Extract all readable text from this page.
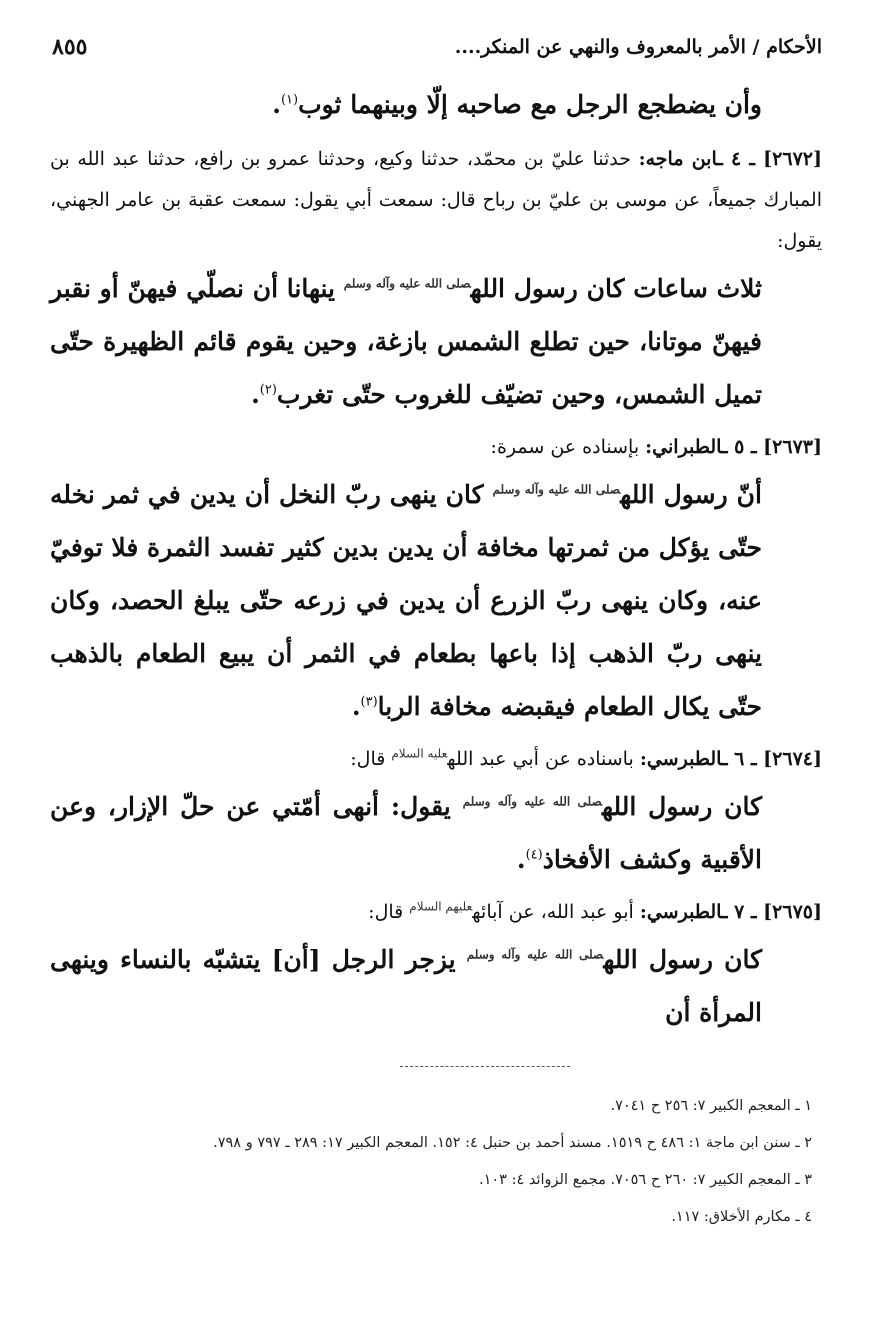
الأحكام / الأمر بالمعروف والنهي عن المنكر....
٨٥٥

وأن يضطجع الرجل مع صاحبه إلّا وبينهما ثوب$^{(١)}$.

[٢٦٧٢] ـ ٤ ـابن ماجه: حدثنا عليّ بن محمّد، حدثنا وكيع، وحدثنا عمرو بن رافع، حدثنا عبد الله بن المبارك جميعاً، عن موسى بن عليّ بن رباح قال: سمعت أبي يقول: سمعت عقبة بن عامر الجهني، يقول:

ثلاث ساعات كان رسول الله$^{صلى الله عليه وآله وسلم}$ ينهانا أن نصلّي فيهنّ أو نقبر فيهنّ موتانا، حين تطلع الشمس بازغة، وحين يقوم قائم الظهيرة حتّى تميل الشمس، وحين تضيّف للغروب حتّى تغرب$^{(٢)}$.

[٢٦٧٣] ـ ٥ ـالطبراني: بإسناده عن سمرة:

أنّ رسول الله$^{صلى الله عليه وآله وسلم}$ كان ينهى ربّ النخل أن يدين في ثمر نخله حتّى يؤكل من ثمرتها مخافة أن يدين بدين كثير تفسد الثمرة فلا توفيّ عنه، وكان ينهى ربّ الزرع أن يدين في زرعه حتّى يبلغ الحصد، وكان ينهى ربّ الذهب إذا باعها بطعام في الثمر أن يبيع الطعام بالذهب حتّى يكال الطعام فيقبضه مخافة الربا$^{(٣)}$.

[٢٦٧٤] ـ ٦ ـالطبرسي: باسناده عن أبي عبد الله$^{عليه السلام}$ قال:

كان رسول الله$^{صلى الله عليه وآله وسلم}$ يقول: أنهى أمّتي عن حلّ الإزار، وعن الأقبية وكشف الأفخاذ$^{(٤)}$.

[٢٦٧٥] ـ ٧ ـالطبرسي: أبو عبد الله، عن آبائه$^{عليهم السلام}$ قال:

كان رسول الله$^{صلى الله عليه وآله وسلم}$ يزجر الرجل [أن] يتشبّه بالنساء وينهى المرأة أن

١ ـ المعجم الكبير ٧: ٢٥٦ ح ٧٠٤١.
٢ ـ سنن ابن ماجة ١: ٤٨٦ ح ١٥١٩. مسند أحمد بن حنبل ٤: ١٥٢. المعجم الكبير ١٧: ٢٨٩ ـ ٧٩٧ و ٧٩٨.
٣ ـ المعجم الكبير ٧: ٢٦٠ ح ٧٠٥٦. مجمع الزوائد ٤: ١٠٣.
٤ ـ مكارم الأخلاق: ١١٧.
